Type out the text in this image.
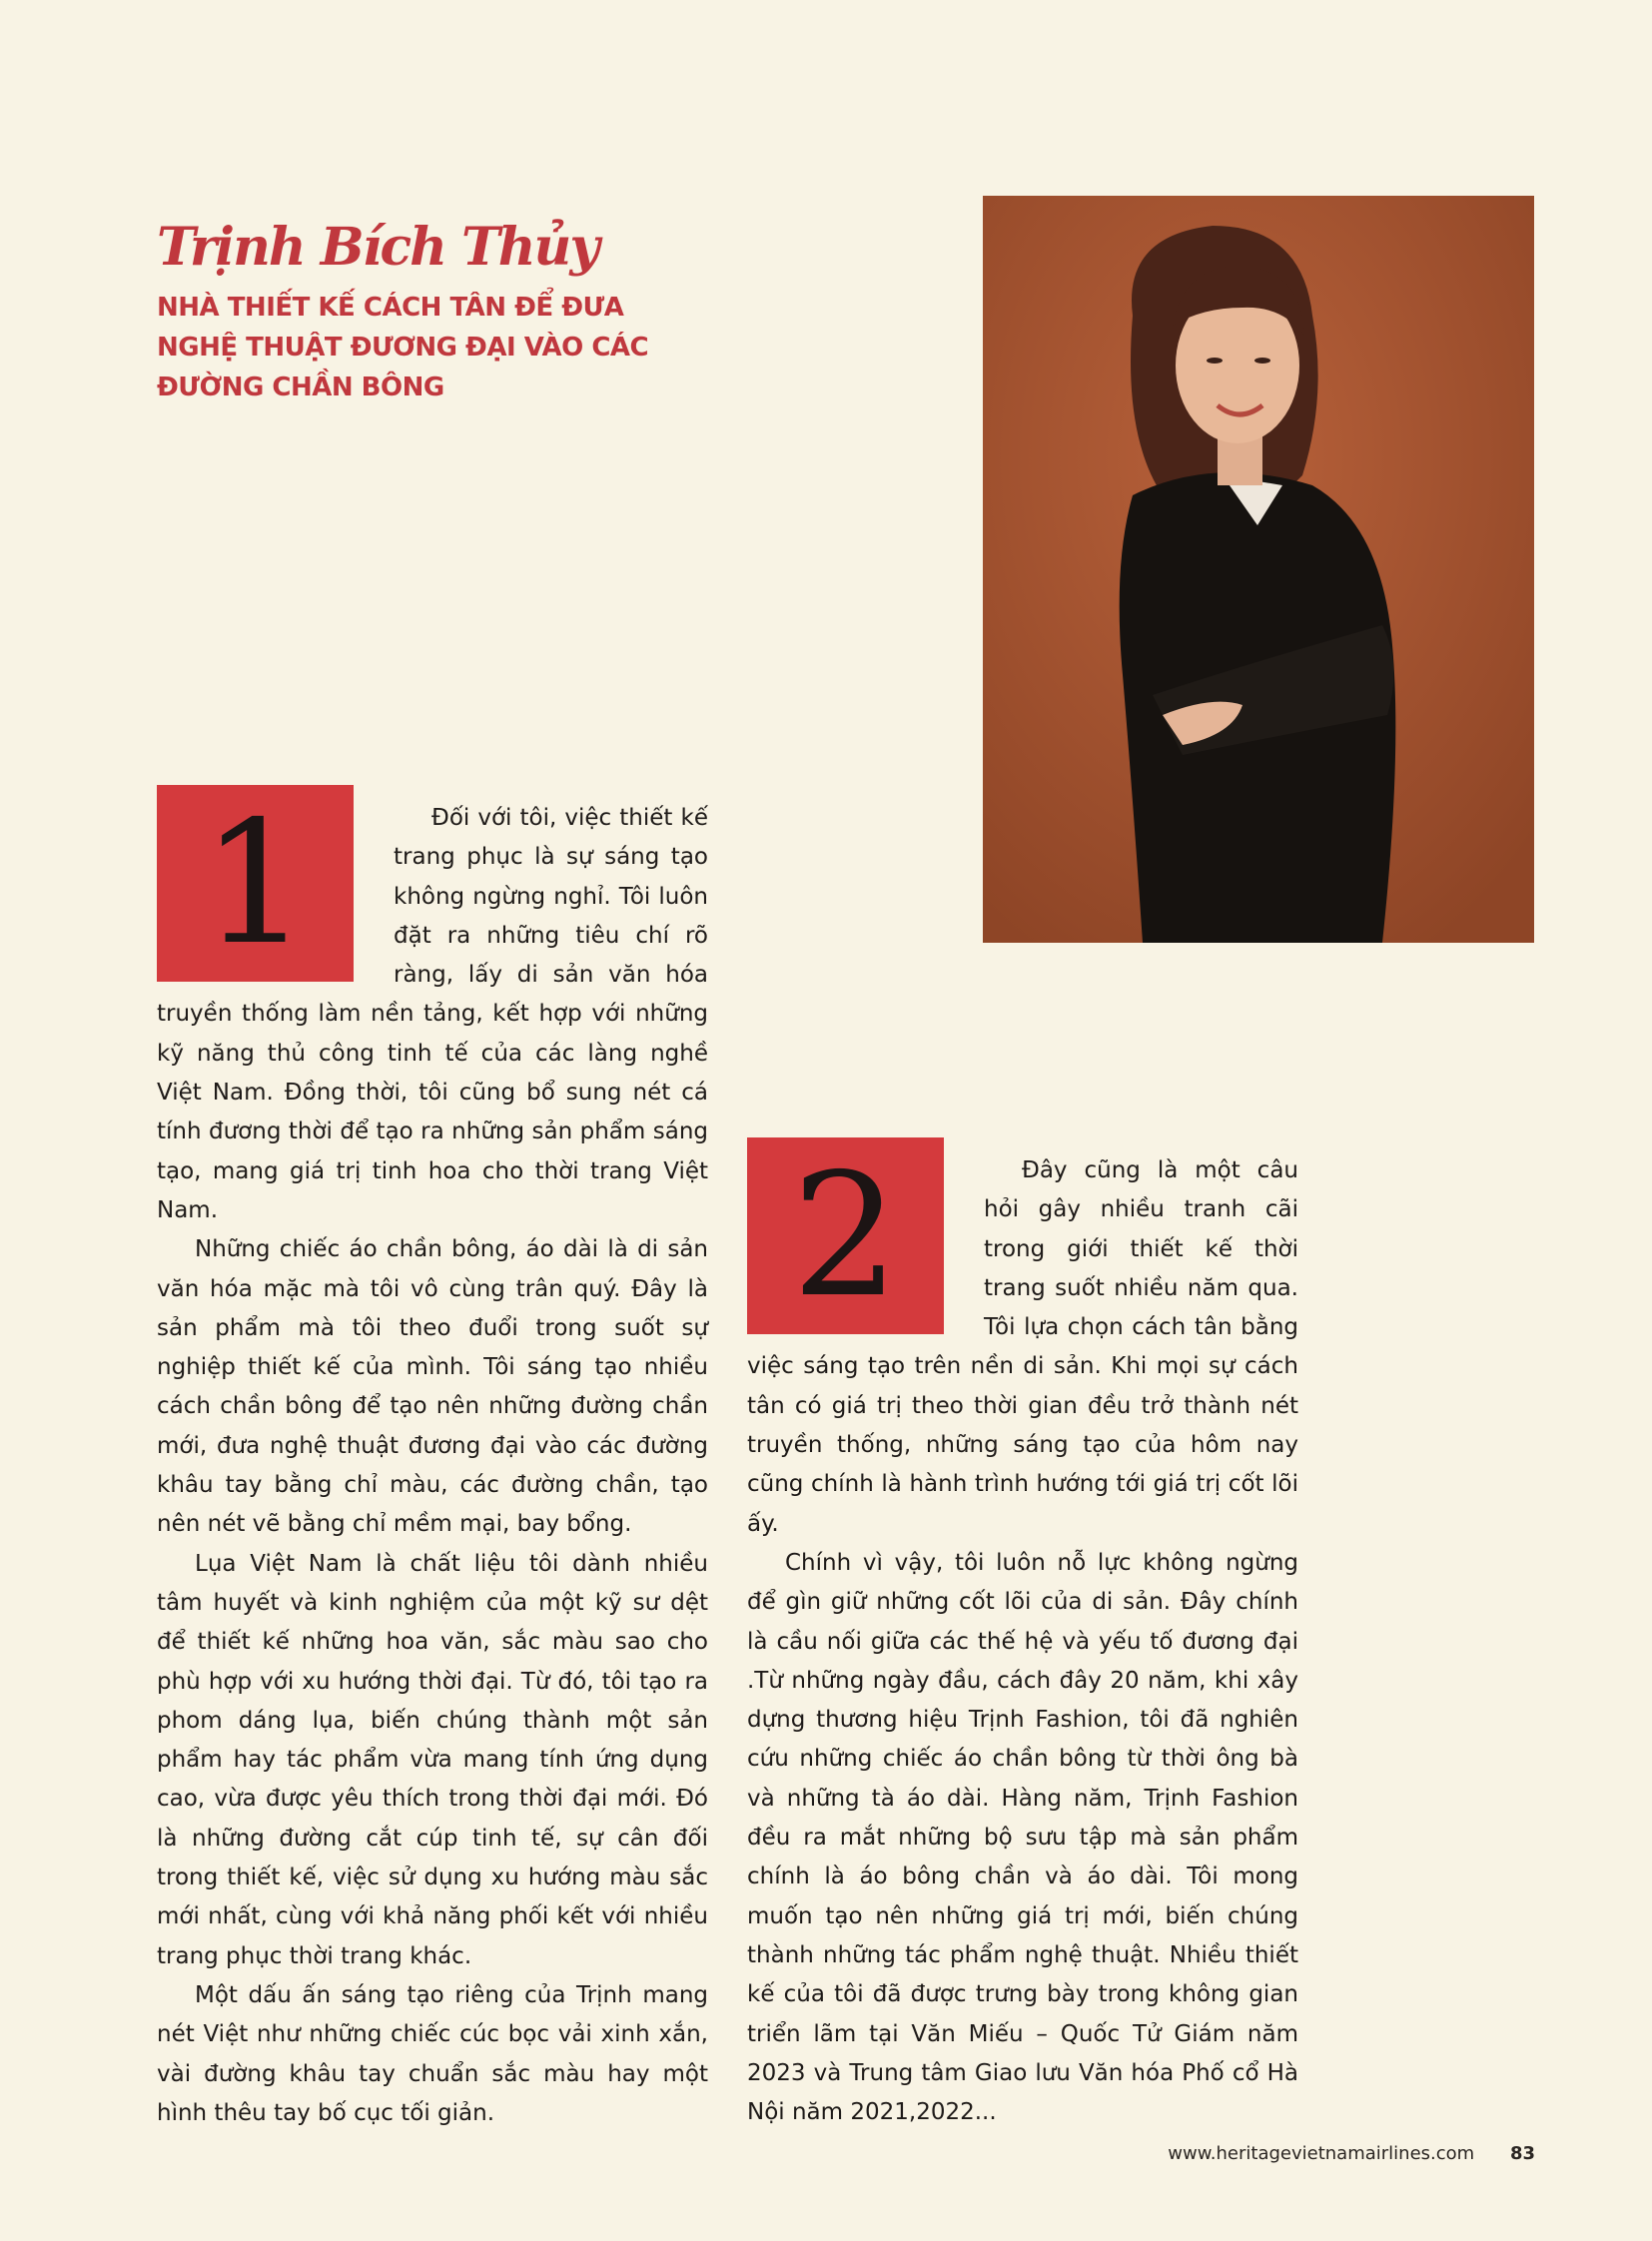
Trịnh Bích Thủy
NHÀ THIẾT KẾ CÁCH TÂN ĐỂ ĐƯA NGHỆ THUẬT ĐƯƠNG ĐẠI VÀO CÁC ĐƯỜNG CHẦN BÔNG
1	Đối với tôi, việc thiết kế trang phục là sự sáng tạo không ngừng nghỉ. Tôi luôn đặt ra những tiêu chí rõ ràng, lấy di sản văn hóa truyền thống làm nền tảng, kết hợp với những kỹ năng thủ công tinh tế của các làng nghề Việt Nam. Đồng thời, tôi cũng bổ sung nét cá tính đương thời để tạo ra những sản phẩm sáng tạo, mang giá trị tinh hoa cho thời trang Việt Nam.

Những chiếc áo chần bông, áo dài là di sản văn hóa mặc mà tôi vô cùng trân quý. Đây là sản phẩm mà tôi theo đuổi trong suốt sự nghiệp thiết kế của mình. Tôi sáng tạo nhiều cách chần bông để tạo nên những đường chần mới, đưa nghệ thuật đương đại vào các đường khâu tay bằng chỉ màu, các đường chần, tạo nên nét vẽ bằng chỉ mềm mại, bay bổng.

Lụa Việt Nam là chất liệu tôi dành nhiều tâm huyết và kinh nghiệm của một kỹ sư dệt để thiết kế những hoa văn, sắc màu sao cho phù hợp với xu hướng thời đại. Từ đó, tôi tạo ra phom dáng lụa, biến chúng thành một sản phẩm hay tác phẩm vừa mang tính ứng dụng cao, vừa được yêu thích trong thời đại mới. Đó là những đường cắt cúp tinh tế, sự cân đối trong thiết kế, việc sử dụng xu hướng màu sắc mới nhất, cùng với khả năng phối kết với nhiều trang phục thời trang khác.

Một dấu ấn sáng tạo riêng của Trịnh mang nét Việt như những chiếc cúc bọc vải xinh xắn, vài đường khâu tay chuẩn sắc màu hay một hình thêu tay bố cục tối giản.

2	Đây cũng là một câu hỏi gây nhiều tranh cãi trong giới thiết kế thời trang suốt nhiều năm qua. Tôi lựa chọn cách tân bằng việc sáng tạo trên nền di sản. Khi mọi sự cách tân có giá trị theo thời gian đều trở thành nét truyền thống, những sáng tạo của hôm nay cũng chính là hành trình hướng tới giá trị cốt lõi ấy.

Chính vì vậy, tôi luôn nỗ lực không ngừng để gìn giữ những cốt lõi của di sản. Đây chính là cầu nối giữa các thế hệ và yếu tố đương đại .Từ những ngày đầu, cách đây 20 năm, khi xây dựng thương hiệu Trịnh Fashion, tôi đã nghiên cứu những chiếc áo chần bông từ thời ông bà và những tà áo dài. Hàng năm, Trịnh Fashion đều ra mắt những bộ sưu tập mà sản phẩm chính là áo bông chần và áo dài. Tôi mong muốn tạo nên những giá trị mới, biến chúng thành những tác phẩm nghệ thuật. Nhiều thiết kế của tôi đã được trưng bày trong không gian triển lãm tại Văn Miếu – Quốc Tử Giám năm 2023 và Trung tâm Giao lưu Văn hóa Phố cổ Hà Nội năm 2021,2022...

www.heritagevietnamairlines.com 83
